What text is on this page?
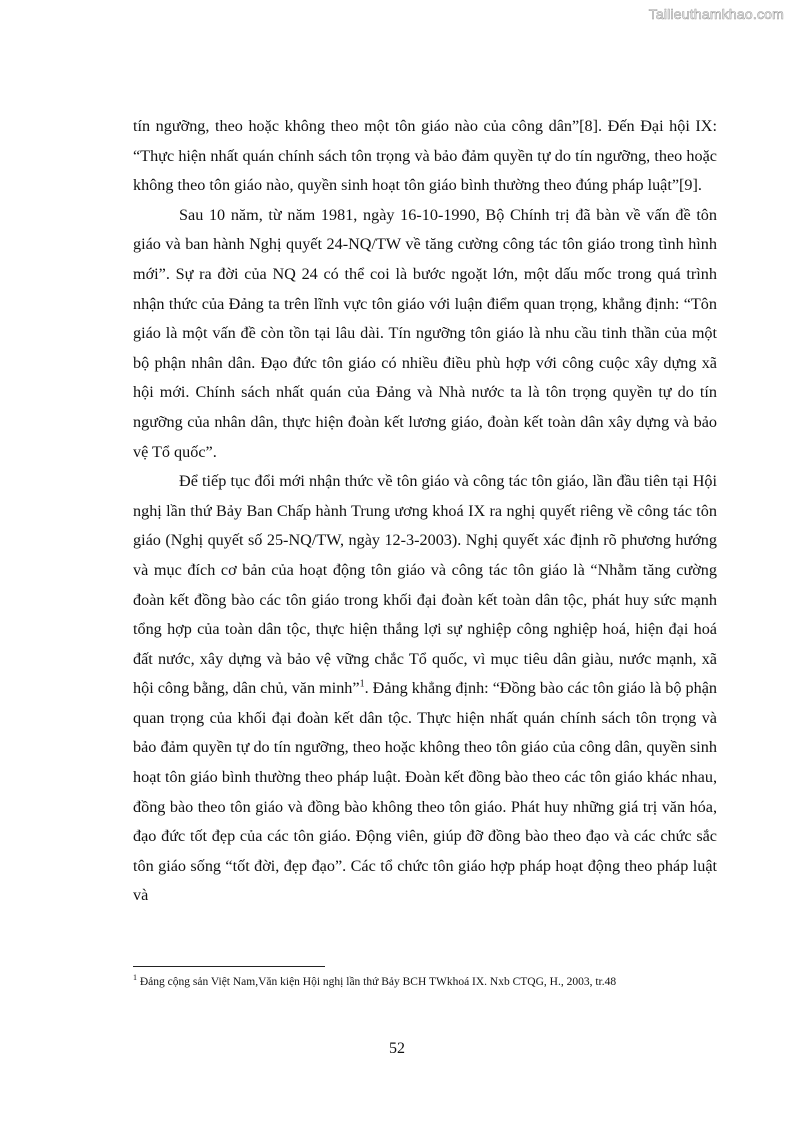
Tailieuthamkhao.com

tín ngưỡng, theo hoặc không theo một tôn giáo nào của công dân”[8]. Đến Đại hội IX: “Thực hiện nhất quán chính sách tôn trọng và bảo đảm quyền tự do tín ngưỡng, theo hoặc không theo tôn giáo nào, quyền sinh hoạt tôn giáo bình thường theo đúng pháp luật”[9].

Sau 10 năm, từ năm 1981, ngày 16-10-1990, Bộ Chính trị đã bàn về vấn đề tôn giáo và ban hành Nghị quyết 24-NQ/TW về tăng cường công tác tôn giáo trong tình hình mới”. Sự ra đời của NQ 24 có thể coi là bước ngoặt lớn, một dấu mốc trong quá trình nhận thức của Đảng ta trên lĩnh vực tôn giáo với luận điểm quan trọng, khẳng định: “Tôn giáo là một vấn đề còn tồn tại lâu dài. Tín ngưỡng tôn giáo là nhu cầu tinh thần của một bộ phận nhân dân. Đạo đức tôn giáo có nhiều điều phù hợp với công cuộc xây dựng xã hội mới. Chính sách nhất quán của Đảng và Nhà nước ta là tôn trọng quyền tự do tín ngưỡng của nhân dân, thực hiện đoàn kết lương giáo, đoàn kết toàn dân xây dựng và bảo vệ Tổ quốc”.

Để tiếp tục đổi mới nhận thức về tôn giáo và công tác tôn giáo, lần đầu tiên tại Hội nghị lần thứ Bảy Ban Chấp hành Trung ương khoá IX ra nghị quyết riêng về công tác tôn giáo (Nghị quyết số 25-NQ/TW, ngày 12-3-2003). Nghị quyết xác định rõ phương hướng và mục đích cơ bản của hoạt động tôn giáo và công tác tôn giáo là “Nhằm tăng cường đoàn kết đồng bào các tôn giáo trong khối đại đoàn kết toàn dân tộc, phát huy sức mạnh tổng hợp của toàn dân tộc, thực hiện thắng lợi sự nghiệp công nghiệp hoá, hiện đại hoá đất nước, xây dựng và bảo vệ vững chắc Tổ quốc, vì mục tiêu dân giàu, nước mạnh, xã hội công bằng, dân chủ, văn minh”$^1$. Đảng khẳng định: “Đồng bào các tôn giáo là bộ phận quan trọng của khối đại đoàn kết dân tộc. Thực hiện nhất quán chính sách tôn trọng và bảo đảm quyền tự do tín ngưỡng, theo hoặc không theo tôn giáo của công dân, quyền sinh hoạt tôn giáo bình thường theo pháp luật. Đoàn kết đồng bào theo các tôn giáo khác nhau, đồng bào theo tôn giáo và đồng bào không theo tôn giáo. Phát huy những giá trị văn hóa, đạo đức tốt đẹp của các tôn giáo. Động viên, giúp đỡ đồng bào theo đạo và các chức sắc tôn giáo sống “tốt đời, đẹp đạo”. Các tổ chức tôn giáo hợp pháp hoạt động theo pháp luật và

$^1$ Đảng cộng sản Việt Nam,Văn kiện Hội nghị lần thứ Bảy BCH TWkhoá IX. Nxb CTQG, H., 2003, tr.48
52
